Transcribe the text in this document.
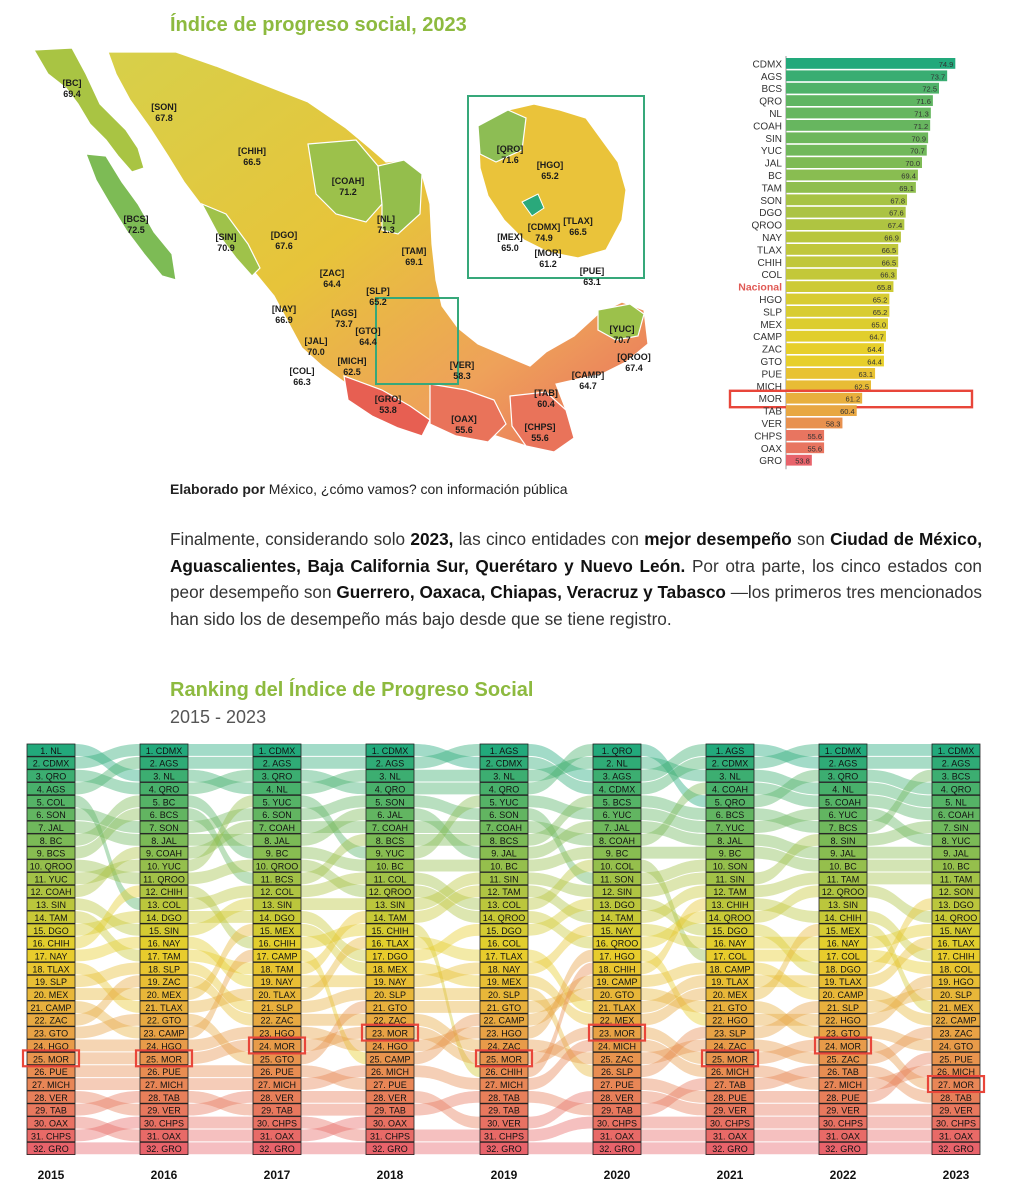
Índice de progreso social, 2023
[BC]
69.4
[SON]
67.8
[CHIH]
66.5
[COAH]
71.2
[BCS]
72.5
[SIN]
70.9
[DGO]
67.6
[NL]
71.3
[TAM]
69.1
[ZAC]
64.4
[SLP]
65.2
[NAY]
66.9
[AGS]
73.7
[GTO]
64.4
[JAL]
70.0
[COL]
66.3
[MICH]
62.5
[VER]
58.3
[GRO]
53.8
[OAX]
55.6
[TAB]
60.4
[CAMP]
64.7
[CHPS]
55.6
[YUC]
70.7
[QROO]
67.4
[QRO]
71.6 [HGO]
65.2
[CDMX]
74.9
[TLAX]
66.5
[MEX]
65.0 [MOR]
61.2
[PUE]
63.1
Elaborado por México, ¿cómo vamos? con información pública
CDMX	74.9
AGS	73.7
BCS	72.5
QRO	71.6
NL	71.3
COAH	71.2
SIN	70.9
YUC	70.7
JAL	70.0
BC	69.4
TAM	69.1
SON	67.8
DGO	67.6
QROO	67.4
NAY	66.9
TLAX	66.5
CHIH	66.5
COL	66.3
Nacional	65.8
HGO	65.2
SLP	65.2
MEX	65.0
CAMP	64.7
ZAC	64.4
GTO	64.4
PUE	63.1
MICH	62.5
MOR	61.2
TAB	60.4
VER	58.3
CHPS	55.6
OAX	55.6
GRO 53.8
Finalmente, considerando solo 2023, las cinco entidades con mejor desempeño son Ciudad de México, Aguascalientes, Baja California Sur, Querétaro y Nuevo León. Por otra parte, los cinco estados con peor desempeño son Guerrero, Oaxaca, Chiapas, Veracruz y Tabasco —los primeros tres mencionados han sido los de desempeño más bajo desde que se tiene registro.
Ranking del Índice de Progreso Social
2015 - 2023
1. NL
2. CDMX
3. QRO
4. AGS
5. COL
6. SON
7. JAL
8. BC
9. BCS
10. QROO
11. YUC
12. COAH
13. SIN
14. TAM
15. DGO
16. CHIH
17. NAY
18. TLAX
19. SLP
20. MEX
21. CAMP
22. ZAC
23. GTO
24. HGO
25. MOR
26. PUE
27. MICH
28. VER
29. TAB
30. OAX
31. CHPS
32. GRO
2015
1. CDMX
2. AGS
3. NL
4. QRO
5. BC
6. BCS
7. SON
8. JAL
9. COAH
10. YUC
11. QROO
12. CHIH
13. COL
14. DGO
15. SIN
16. NAY
17. TAM
18. SLP
19. ZAC
20. MEX
21. TLAX
22. GTO
23. CAMP
24. HGO
25. MOR
26. PUE
27. MICH
28. TAB
29. VER
30. CHPS
31. OAX
32. GRO
2016
1. CDMX
2. AGS
3. QRO
4. NL
5. YUC
6. SON
7. COAH
8. JAL
9. BC
10. QROO
11. BCS
12. COL
13. SIN
14. DGO
15. MEX
16. CHIH
17. CAMP
18. TAM
19. NAY
20. TLAX
21. SLP
22. ZAC
23. HGO
24. MOR
25. GTO
26. PUE
27. MICH
28. VER
29. TAB
30. CHPS
31. OAX
32. GRO
2017
1. CDMX
2. AGS
3. NL
4. QRO
5. SON
6. JAL
7. COAH
8. BCS
9. YUC
10. BC
11. COL
12. QROO
13. SIN
14. TAM
15. CHIH
16. TLAX
17. DGO
18. MEX
19. NAY
20. SLP
21. GTO
22. ZAC
23. MOR
24. HGO
25. CAMP
26. MICH
27. PUE
28. VER
29. TAB
30. OAX
31. CHPS
32. GRO
2018
1. AGS
2. CDMX
3. NL
4. QRO
5. YUC
6. SON
7. COAH
8. BCS
9. JAL
10. BC
11. SIN
12. TAM
13. COL
14. QROO
15. DGO
16. COL
17. TLAX
18. NAY
19. MEX
20. SLP
21. GTO
22. CAMP
23. HGO
24. ZAC
25. MOR
26. CHIH
27. MICH
28. TAB
29. TAB
30. VER
31. CHPS
32. GRO
2019
1. QRO
2. NL
3. AGS
4. CDMX
5. BCS
6. YUC
7. JAL
8. COAH
9. BC
10. COL
11. SON
12. SIN
13. DGO
14. TAM
15. NAY
16. QROO
17. HGO
18. CHIH
19. CAMP
20. GTO
21. TLAX
22. MEX
23. MOR
24. MICH
25. ZAC
26. SLP
27. PUE
28. VER
29. TAB
30. CHPS
31. OAX
32. GRO
2020
1. AGS
2. CDMX
3. NL
4. COAH
5. QRO
6. BCS
7. YUC
8. JAL
9. BC
10. SON
11. SIN
12. TAM
13. CHIH
14. QROO
15. DGO
16. NAY
17. COL
18. CAMP
19. TLAX
20. MEX
21. GTO
22. HGO
23. SLP
24. ZAC
25. MOR
26. MICH
27. TAB
28. PUE
29. VER
30. CHPS
31. OAX
32. GRO
2021
1. CDMX
2. AGS
3. QRO
4. NL
5. COAH
6. YUC
7. BCS
8. SIN
9. JAL
10. BC
11. TAM
12. QROO
13. SIN
14. CHIH
15. MEX
16. NAY
17. COL
18. DGO
19. TLAX
20. CAMP
21. SLP
22. HGO
23. GTO
24. MOR
25. ZAC
26. TAB
27. MICH
28. PUE
29. VER
30. CHPS
31. OAX
32. GRO
2022
1. CDMX
2. AGS
3. BCS
4. QRO
5. NL
6. COAH
7. SIN
8. YUC
9. JAL
10. BC
11. TAM
12. SON
13. DGO
14. QROO
15. NAY
16. TLAX
17. CHIH
18. COL
19. HGO
20. SLP
21. MEX
22. CAMP
23. ZAC
24. GTO
25. PUE
26. MICH
27. MOR
28. TAB
29. VER
30. CHPS
31. OAX
32. GRO
2023
